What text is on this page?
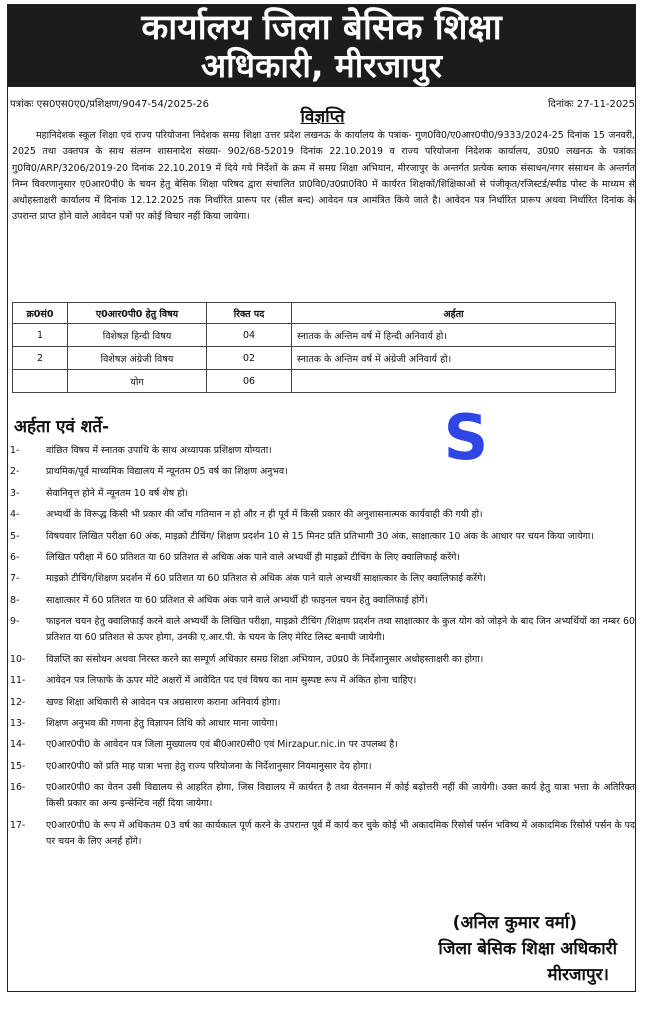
कार्यालय जिला बेसिक शिक्षा
अधिकारी, मीरजापुर
पत्रांकः एस0एस0ए0/प्रशिक्षण/9047-54/2025-26	दिनांकः 27-11-2025
विज्ञप्ति
महानिदेशक स्कूल शिक्षा एवं राज्य परियोजना निदेशक समग्र शिक्षा उत्तर प्रदेश लखनऊ के कार्यालय के पत्रांक- गुण0वि0/ए0आर0पी0/9333/2024-25 दिनांक 15 जनवरी, 2025 तथा उक्तपत्र के साथ संलग्न शासनादेश संख्या- 902/68-52019 दिनांक 22.10.2019 व राज्य परियोजना निदेशक कार्यालय, उ0प्र0 लखनऊ के पत्रांकः गु0वि0/ARP/3206/2019-20 दिनांक 22.10.2019 में दिये गये निर्देशों के क्रम में समग्र शिक्षा अभियान, मीरजापुर के अन्तर्गत प्रत्येक ब्लाक संसाधन/नगर संसाधन के अन्तर्गत निम्न विवरणानुसार ए0आर0पी0 के चयन हेतु बेसिक शिक्षा परिषद द्वारा संचालित प्रा0वि0/उ0प्रा0वि0 में कार्यरत शिक्षकों/शिक्षिकाओं से पंजीकृत/रजिस्टर्ड/स्पीड पोस्ट के माध्यम से अधोहस्ताक्षरी कार्यालय में दिनांक 12.12.2025 तक निर्धारित प्रारूप पर (सील बन्द) आवेदन पत्र आमंत्रित किये जाते है। आवेदन पत्र निर्धारित प्रारूप अथवा निर्धारित दिनांक के उपरान्त प्राप्त होने वाले आवेदन पत्रों पर कोई विचार नहीं किया जायेगा।
क्र0सं0	ए0आर0पी0 हेतु विषय	रिक्त पद	अर्हता
1	विशेषज्ञ हिन्दी विषय	04	स्नातक के अन्तिम वर्ष में हिन्दी अनिवार्य हो।
2	विशेषज्ञ अंग्रेजी विषय	02	स्नातक के अन्तिम वर्ष में अंग्रेजी अनिवार्य हो।
	योग	06	
अर्हता एवं शर्ते-	S
1-	वांछित विषय में स्नातक उपाधि के साथ अध्यापक प्रशिक्षण योग्यता।
2-	प्राथमिक/पूर्व माध्यमिक विद्यालय में न्यूनतम 05 वर्ष का शिक्षण अनुभव।
3-	सेवानिवृत्त होने में न्यूनतम 10 वर्ष शेष हो।
4-	अभ्यर्थी के विरूद्ध किसी भी प्रकार की जाँच गतिमान न हो और न ही पूर्व में किसी प्रकार की अनुशासनात्मक कार्यवाही की गयी हो।
5-	विषयवार लिखित परीक्षा 60 अंक, माइक्रो टीचिंग/ शिक्षण प्रदर्शन 10 से 15 मिनट प्रति प्रतिभागी 30 अंक, साक्षात्कार 10 अंक के आधार पर चयन किया जायेगा।
6-	लिखित परीक्षा में 60 प्रतिशत या 60 प्रतिशत से अधिक अंक पाने वाले अभ्यर्थी ही माइक्रों टीचिंग के लिए क्वालिफाई करेंगे।
7-	माइक्रो टीचिंग/शिक्षण प्रदर्शन में 60 प्रतिशत या 60 प्रतिशत से अधिक अंक पाने वाले अभ्यर्थी साक्षात्कार के लिए क्वालिफाई करेंगे।
8-	साक्षात्कार में 60 प्रतिशत या 60 प्रतिशत से अधिक अंक पाने वाले अभ्यर्थी ही फाइनल चयन हेतु क्वालिफाई होगें।
9-	फाइनल चयन हेतु क्वालिफाई करने वाले अभ्यर्थी के लिखित परीक्षा, माइक्रो टीचिंग /शिक्षण प्रदर्शन तथा साक्षात्कार के कुल योग को जोड़ने के बाद जिन अभ्यर्थियों का नम्बर 60 प्रतिशत या 60 प्रतिशत से ऊपर होगा, उनकी ए.आर.पी. के चयन के लिए मेरिट लिस्ट बनायी जायेगी।
10-	विज्ञप्ति का संसोधन अथवा निरस्त करने का सम्पूर्ण अधिकार समग्र शिक्षा अभियान, उ0प्र0 के निर्देशानुसार अधोहस्ताक्षरी का होगा।
11-	आवेदन पत्र लिफाफे के ऊपर मोटे अक्षरों में आवेदित पद एवं विषय का नाम सुस्पष्ट रूप में अंकित होना चाहिए।
12-	खण्ड शिक्षा अधिकारी से आवेदन पत्र अग्रसारण कराना अनिवार्य होगा।
13-	शिक्षण अनुभव की गणना हेतु विज्ञापन तिथि को आधार माना जायेगा।
14-	ए0आर0पी0 के आवेदन पत्र जिला मुख्यालय एवं बी0आर0सी0 एवं Mirzapur.nic.in पर उपलब्ध है।
15-	ए0आर0पी0 को प्रति माह यात्रा भत्ता हेतु राज्य परियोजना के निर्देशानुसार नियमानुसार देय होगा।
16-	ए0आर0पी0 का वेतन उसी विद्यालय से आहरित होगा, जिस विद्यालय में कार्यरत है तथा वेतनमान में कोई बढ़ोत्तरी नहीं की जायेगी। उक्त कार्य हेतु यात्रा भत्ता के अतिरिक्त किसी प्रकार का अन्य इन्सेन्टिव नहीं दिया जायेगा।
17-	ए0आर0पी0 के रूप में अधिकतम 03 वर्ष का कार्यकाल पूर्ण करने के उपरान्त पूर्व में कार्य कर चुके कोई भी अकादमिक रिसोर्स पर्सन भविष्य में अकादमिक रिसोर्स पर्सन के पद पर चयन के लिए अनर्ह होंगे।
(अनिल कुमार वर्मा)
जिला बेसिक शिक्षा अधिकारी
मीरजापुर।
